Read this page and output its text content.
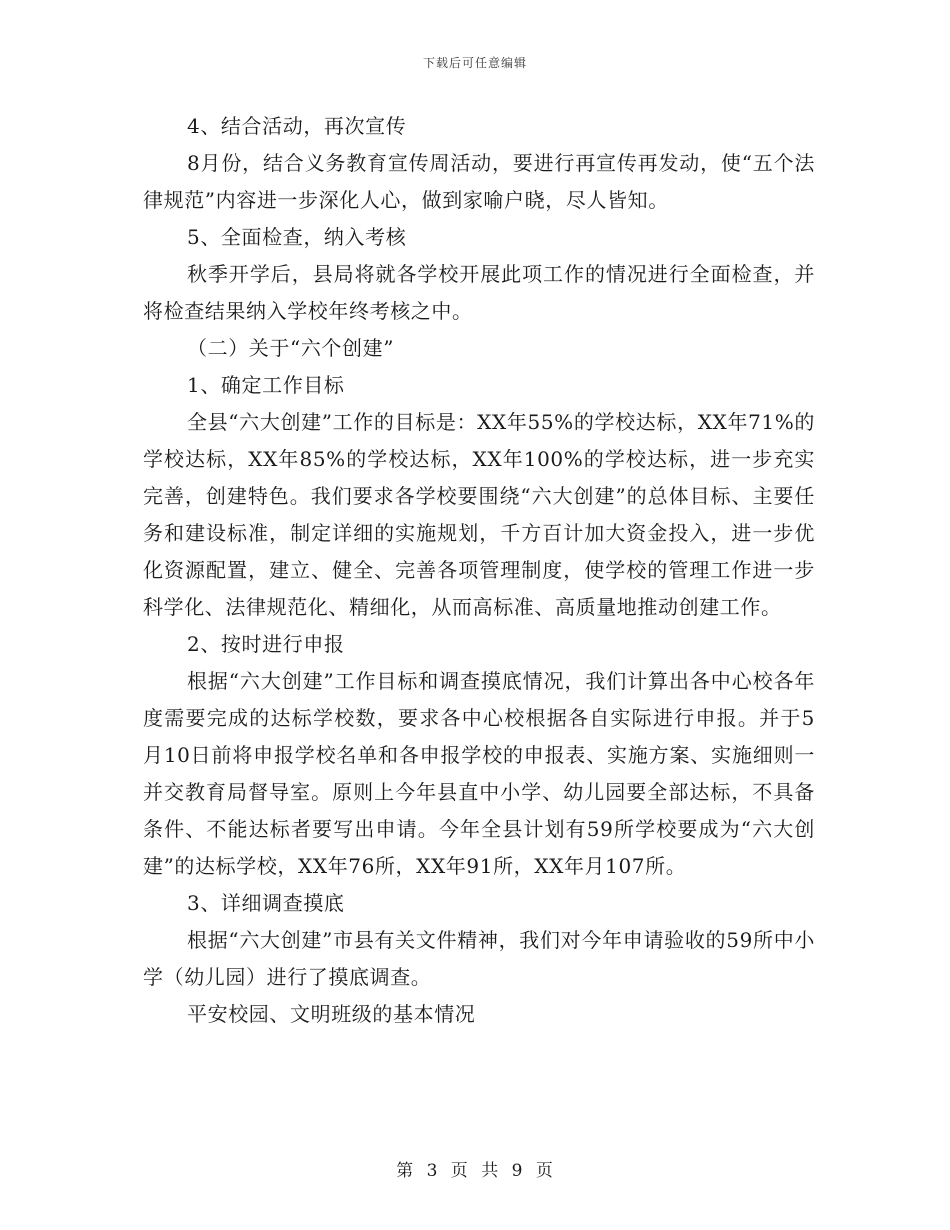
下载后可任意编辑

4、结合活动，再次宣传

8月份，结合义务教育宣传周活动，要进行再宣传再发动，使“五个法律规范”内容进一步深化人心，做到家喻户晓，尽人皆知。

5、全面检查，纳入考核

秋季开学后，县局将就各学校开展此项工作的情况进行全面检查，并将检查结果纳入学校年终考核之中。

（二）关于“六个创建”

1、确定工作目标

全县“六大创建”工作的目标是：XX年55%的学校达标，XX年71%的学校达标，XX年85%的学校达标，XX年100%的学校达标，进一步充实完善，创建特色。我们要求各学校要围绕“六大创建”的总体目标、主要任务和建设标准，制定详细的实施规划，千方百计加大资金投入，进一步优化资源配置，建立、健全、完善各项管理制度，使学校的管理工作进一步科学化、法律规范化、精细化，从而高标准、高质量地推动创建工作。

2、按时进行申报

根据“六大创建”工作目标和调查摸底情况，我们计算出各中心校各年度需要完成的达标学校数，要求各中心校根据各自实际进行申报。并于5月10日前将申报学校名单和各申报学校的申报表、实施方案、实施细则一并交教育局督导室。原则上今年县直中小学、幼儿园要全部达标，不具备条件、不能达标者要写出申请。今年全县计划有59所学校要成为“六大创建”的达标学校，XX年76所，XX年91所，XX年月107所。

3、详细调查摸底

根据“六大创建”市县有关文件精神，我们对今年申请验收的59所中小学（幼儿园）进行了摸底调查。

平安校园、文明班级的基本情况

第 3 页 共 9 页
